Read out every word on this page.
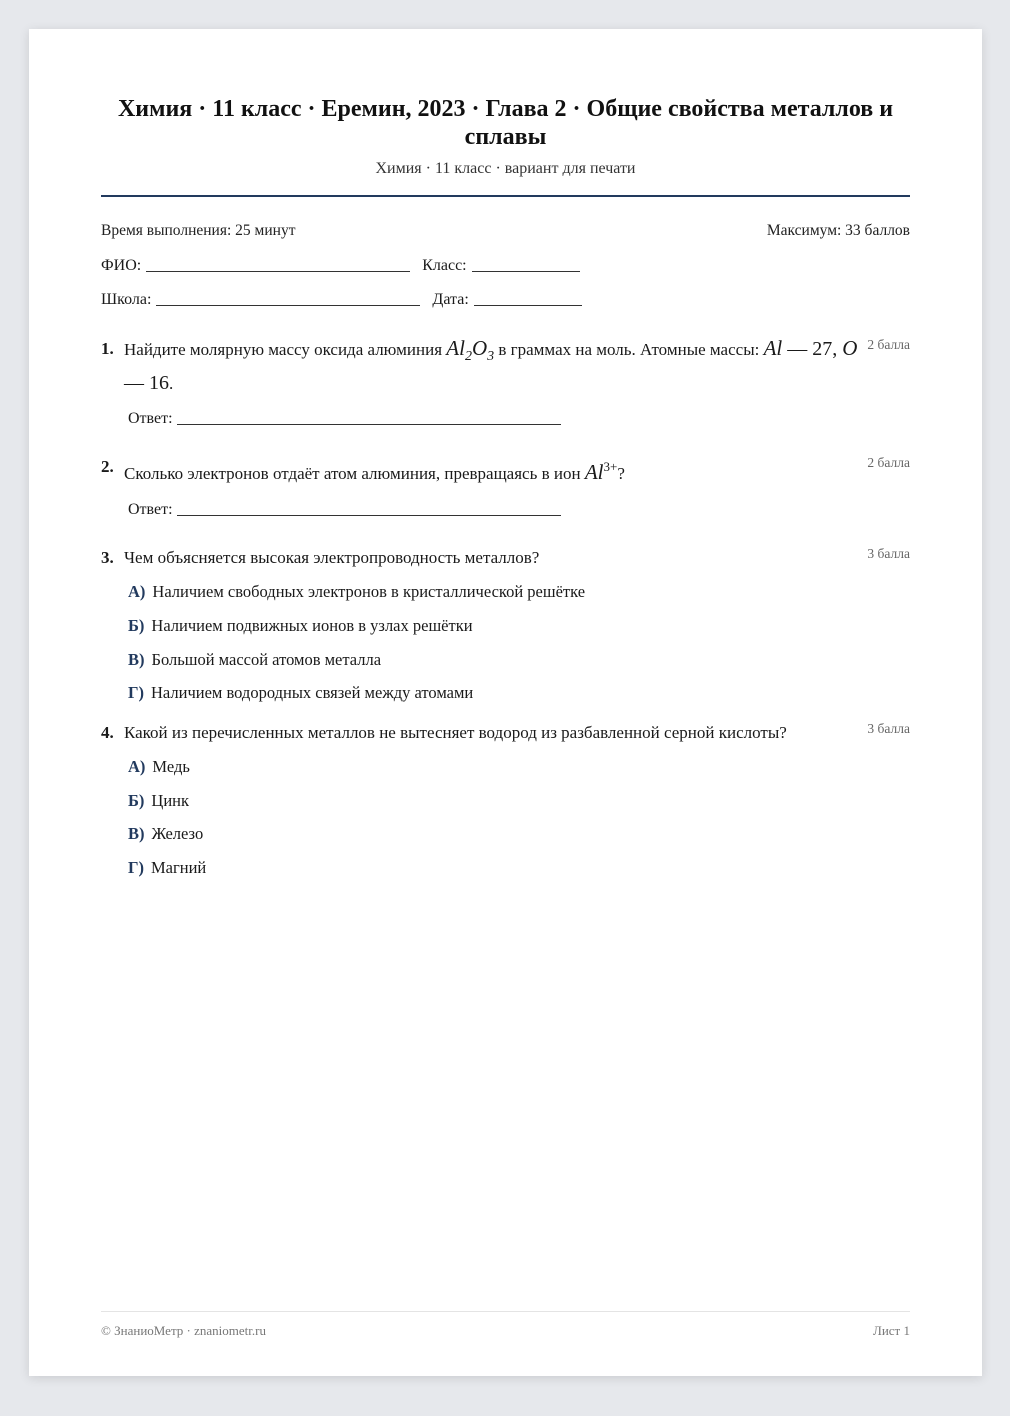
Химия · 11 класс · Еремин, 2023 · Глава 2 · Общие свойства металлов и сплавы
Химия · 11 класс · вариант для печати
Время выполнения: 25 минут	Максимум: 33 баллов
ФИО:	Класс:
Школа:	Дата:
1. Найдите молярную массу оксида алюминия $Al_2O_3$ в граммах на моль. Атомные массы: Al — 27, O — 16.
2 балла
Ответ:
2. Сколько электронов отдаёт атом алюминия, превращаясь в ион $Al^{3+}$?
2 балла
Ответ:
3. Чем объясняется высокая электропроводность металлов?	3 балла
А) Наличием свободных электронов в кристаллической решётке
Б) Наличием подвижных ионов в узлах решётки
В) Большой массой атомов металла
Г) Наличием водородных связей между атомами
4. Какой из перечисленных металлов не вытесняет водород из разбавленной серной кислоты?	3 балла
А) Медь
Б) Цинк
В) Железо
Г) Магний
© ЗнаниоМетр · znaniometr.ru	Лист 1
